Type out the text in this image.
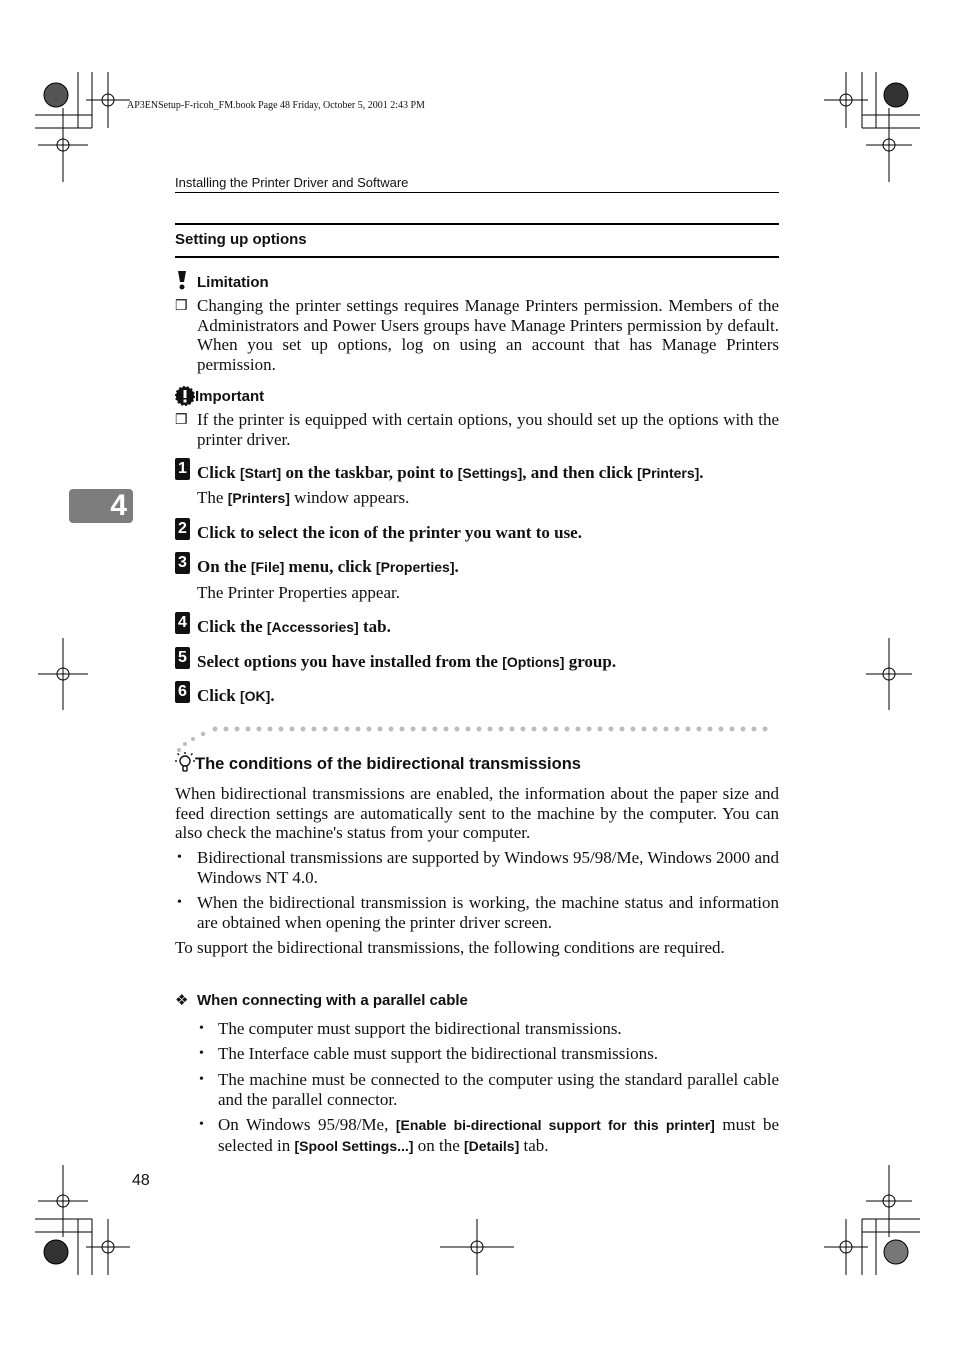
AP3ENSetup-F-ricoh_FM.book Page 48 Friday, October 5, 2001 2:43 PM
Installing the Printer Driver and Software
4
Setting up options
Limitation
❒ Changing the printer settings requires Manage Printers permission. Members of the Administrators and Power Users groups have Manage Printers permission by default. When you set up options, log on using an account that has Manage Printers permission.
Important
❒ If the printer is equipped with certain options, you should set up the options with the printer driver.
1 Click [Start] on the taskbar, point to [Settings], and then click [Printers].
The [Printers] window appears.
2 Click to select the icon of the printer you want to use.
3 On the [File] menu, click [Properties].
The Printer Properties appear.
4 Click the [Accessories] tab.
5 Select options you have installed from the [Options] group.
6 Click [OK].
The conditions of the bidirectional transmissions
When bidirectional transmissions are enabled, the information about the paper size and feed direction settings are automatically sent to the machine by the computer. You can also check the machine's status from your computer.
• Bidirectional transmissions are supported by Windows 95/98/Me, Windows 2000 and Windows NT 4.0.
• When the bidirectional transmission is working, the machine status and information are obtained when opening the printer driver screen.
To support the bidirectional transmissions, the following conditions are required.
❖ When connecting with a parallel cable
• The computer must support the bidirectional transmissions.
• The Interface cable must support the bidirectional transmissions.
• The machine must be connected to the computer using the standard parallel cable and the parallel connector.
• On Windows 95/98/Me, [Enable bi-directional support for this printer] must be selected in [Spool Settings...] on the [Details] tab.
48
